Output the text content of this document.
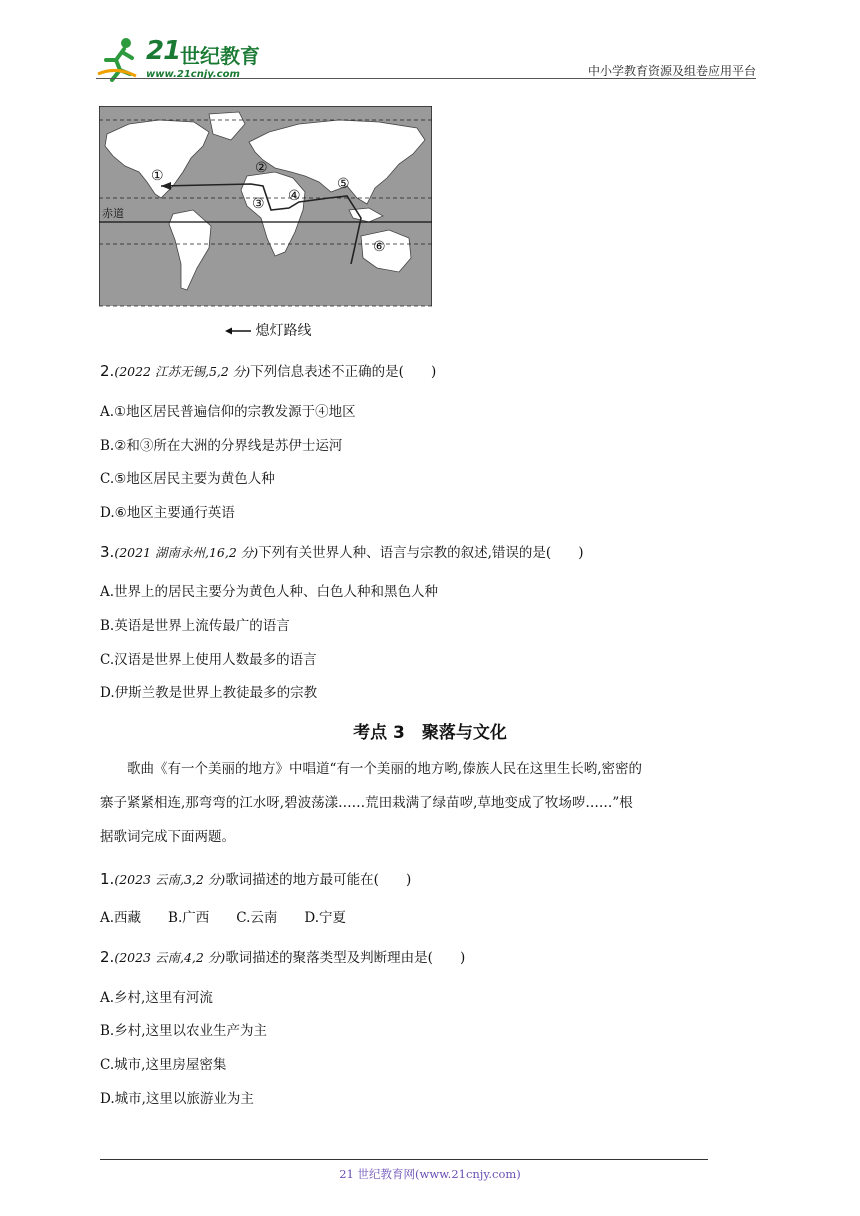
21 世纪教育
www.21cnjy.com	中小学教育资源及组卷应用平台
赤道
①	②
③ ④
⑤
⑥
熄灯路线
2.(2022 江苏无锡,5,2 分)下列信息表述不正确的是(　　)
A.①地区居民普遍信仰的宗教发源于④地区
B.②和③所在大洲的分界线是苏伊士运河
C.⑤地区居民主要为黄色人种
D.⑥地区主要通行英语
3.(2021 湖南永州,16,2 分)下列有关世界人种、语言与宗教的叙述,错误的是(　　)
A.世界上的居民主要分为黄色人种、白色人种和黑色人种
B.英语是世界上流传最广的语言
C.汉语是世界上使用人数最多的语言
D.伊斯兰教是世界上教徒最多的宗教
考点 3　聚落与文化
　　歌曲《有一个美丽的地方》中唱道“有一个美丽的地方哟,傣族人民在这里生长哟,密密的
寨子紧紧相连,那弯弯的江水呀,碧波荡漾……荒田栽满了绿苗哕,草地变成了牧场哕……”根
据歌词完成下面两题。
1.(2023 云南,3,2 分)歌词描述的地方最可能在(　　)
A.西藏　　B.广西　　C.云南　　D.宁夏
2.(2023 云南,4,2 分)歌词描述的聚落类型及判断理由是(　　)
A.乡村,这里有河流
B.乡村,这里以农业生产为主
C.城市,这里房屋密集
D.城市,这里以旅游业为主
21 世纪教育网(www.21cnjy.com)
